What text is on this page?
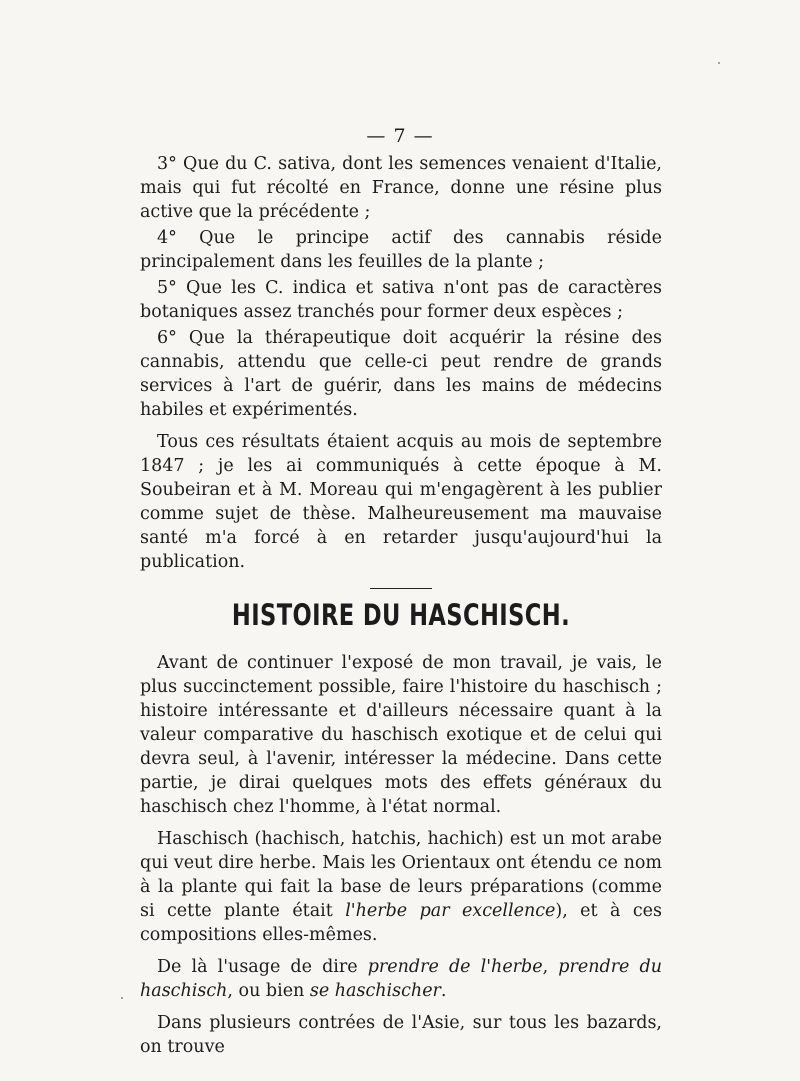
— 7 —

3° Que du C. sativa, dont les semences venaient d'Italie, mais qui fut récolté en France, donne une résine plus active que la précédente ;

4° Que le principe actif des cannabis réside principalement dans les feuilles de la plante ;

5° Que les C. indica et sativa n'ont pas de caractères botaniques assez tranchés pour former deux espèces ;

6° Que la thérapeutique doit acquérir la résine des cannabis, attendu que celle-ci peut rendre de grands services à l'art de guérir, dans les mains de médecins habiles et expérimentés.

Tous ces résultats étaient acquis au mois de septembre 1847 ; je les ai communiqués à cette époque à M. Soubeiran et à M. Moreau qui m'engagèrent à les publier comme sujet de thèse. Malheureusement ma mauvaise santé m'a forcé à en retarder jusqu'aujourd'hui la publication.

HISTOIRE DU HASCHISCH.

Avant de continuer l'exposé de mon travail, je vais, le plus succinctement possible, faire l'histoire du haschisch ; histoire intéressante et d'ailleurs nécessaire quant à la valeur comparative du haschisch exotique et de celui qui devra seul, à l'avenir, intéresser la médecine. Dans cette partie, je dirai quelques mots des effets généraux du haschisch chez l'homme, à l'état normal.

Haschisch (hachisch, hatchis, hachich) est un mot arabe qui veut dire herbe. Mais les Orientaux ont étendu ce nom à la plante qui fait la base de leurs préparations (comme si cette plante était l'herbe par excellence), et à ces compositions elles-mêmes.

De là l'usage de dire prendre de l'herbe, prendre du haschisch, ou bien se haschischer.

Dans plusieurs contrées de l'Asie, sur tous les bazards, on trouve
